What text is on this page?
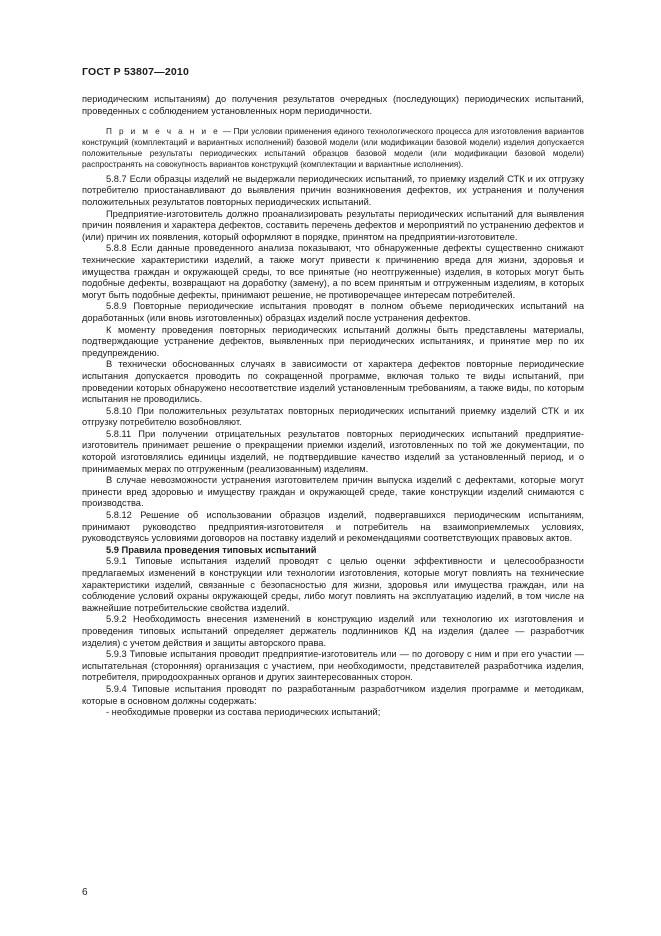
ГОСТ Р 53807—2010

периодическим испытаниям) до получения результатов очередных (последующих) периодических испытаний, проведенных с соблюдением установленных норм периодичности.

П р и м е ч а н и е — При условии применения единого технологического процесса для изготовления вариантов конструкций (комплектаций и вариантных исполнений) базовой модели (или модификации базовой модели) изделия допускается положительные результаты периодических испытаний образцов базовой модели (или модификации базовой модели) распространять на совокупность вариантов конструкций (комплектации и вариантные исполнения).

5.8.7 Если образцы изделий не выдержали периодических испытаний, то приемку изделий СТК и их отгрузку потребителю приостанавливают до выявления причин возникновения дефектов, их устранения и получения положительных результатов повторных периодических испытаний.

Предприятие-изготовитель должно проанализировать результаты периодических испытаний для выявления причин появления и характера дефектов, составить перечень дефектов и мероприятий по устранению дефектов и (или) причин их появления, который оформляют в порядке, принятом на предприятии-изготовителе.

5.8.8 Если данные проведенного анализа показывают, что обнаруженные дефекты существенно снижают технические характеристики изделий, а также могут привести к причинению вреда для жизни, здоровья и имущества граждан и окружающей среды, то все принятые (но неотгруженные) изделия, в которых могут быть подобные дефекты, возвращают на доработку (замену), а по всем принятым и отгруженным изделиям, в которых могут быть подобные дефекты, принимают решение, не противоречащее интересам потребителей.

5.8.9 Повторные периодические испытания проводят в полном объеме периодических испытаний на доработанных (или вновь изготовленных) образцах изделий после устранения дефектов.

К моменту проведения повторных периодических испытаний должны быть представлены материалы, подтверждающие устранение дефектов, выявленных при периодических испытаниях, и принятие мер по их предупреждению.

В технически обоснованных случаях в зависимости от характера дефектов повторные периодические испытания допускается проводить по сокращенной программе, включая только те виды испытаний, при проведении которых обнаружено несоответствие изделий установленным требованиям, а также виды, по которым испытания не проводились.

5.8.10 При положительных результатах повторных периодических испытаний приемку изделий СТК и их отгрузку потребителю возобновляют.

5.8.11 При получении отрицательных результатов повторных периодических испытаний предприятие-изготовитель принимает решение о прекращении приемки изделий, изготовленных по той же документации, по которой изготовлялись единицы изделий, не подтвердившие качество изделий за установленный период, и о принимаемых мерах по отгруженным (реализованным) изделиям.

В случае невозможности устранения изготовителем причин выпуска изделий с дефектами, которые могут принести вред здоровью и имуществу граждан и окружающей среде, такие конструкции изделий снимаются с производства.

5.8.12 Решение об использовании образцов изделий, подвергавшихся периодическим испытаниям, принимают руководство предприятия-изготовителя и потребитель на взаимоприемлемых условиях, руководствуясь условиями договоров на поставку изделий и рекомендациями соответствующих правовых актов.

5.9 Правила проведения типовых испытаний

5.9.1 Типовые испытания изделий проводят с целью оценки эффективности и целесообразности предлагаемых изменений в конструкции или технологии изготовления, которые могут повлиять на технические характеристики изделий, связанные с безопасностью для жизни, здоровья или имущества граждан, или на соблюдение условий охраны окружающей среды, либо могут повлиять на эксплуатацию изделий, в том числе на важнейшие потребительские свойства изделий.

5.9.2 Необходимость внесения изменений в конструкцию изделий или технологию их изготовления и проведения типовых испытаний определяет держатель подлинников КД на изделия (далее — разработчик изделия) с учетом действия и защиты авторского права.

5.9.3 Типовые испытания проводит предприятие-изготовитель или — по договору с ним и при его участии — испытательная (сторонняя) организация с участием, при необходимости, представителей разработчика изделия, потребителя, природоохранных органов и других заинтересованных сторон.

5.9.4 Типовые испытания проводят по разработанным разработчиком изделия программе и методикам, которые в основном должны содержать:

- необходимые проверки из состава периодических испытаний;

6
